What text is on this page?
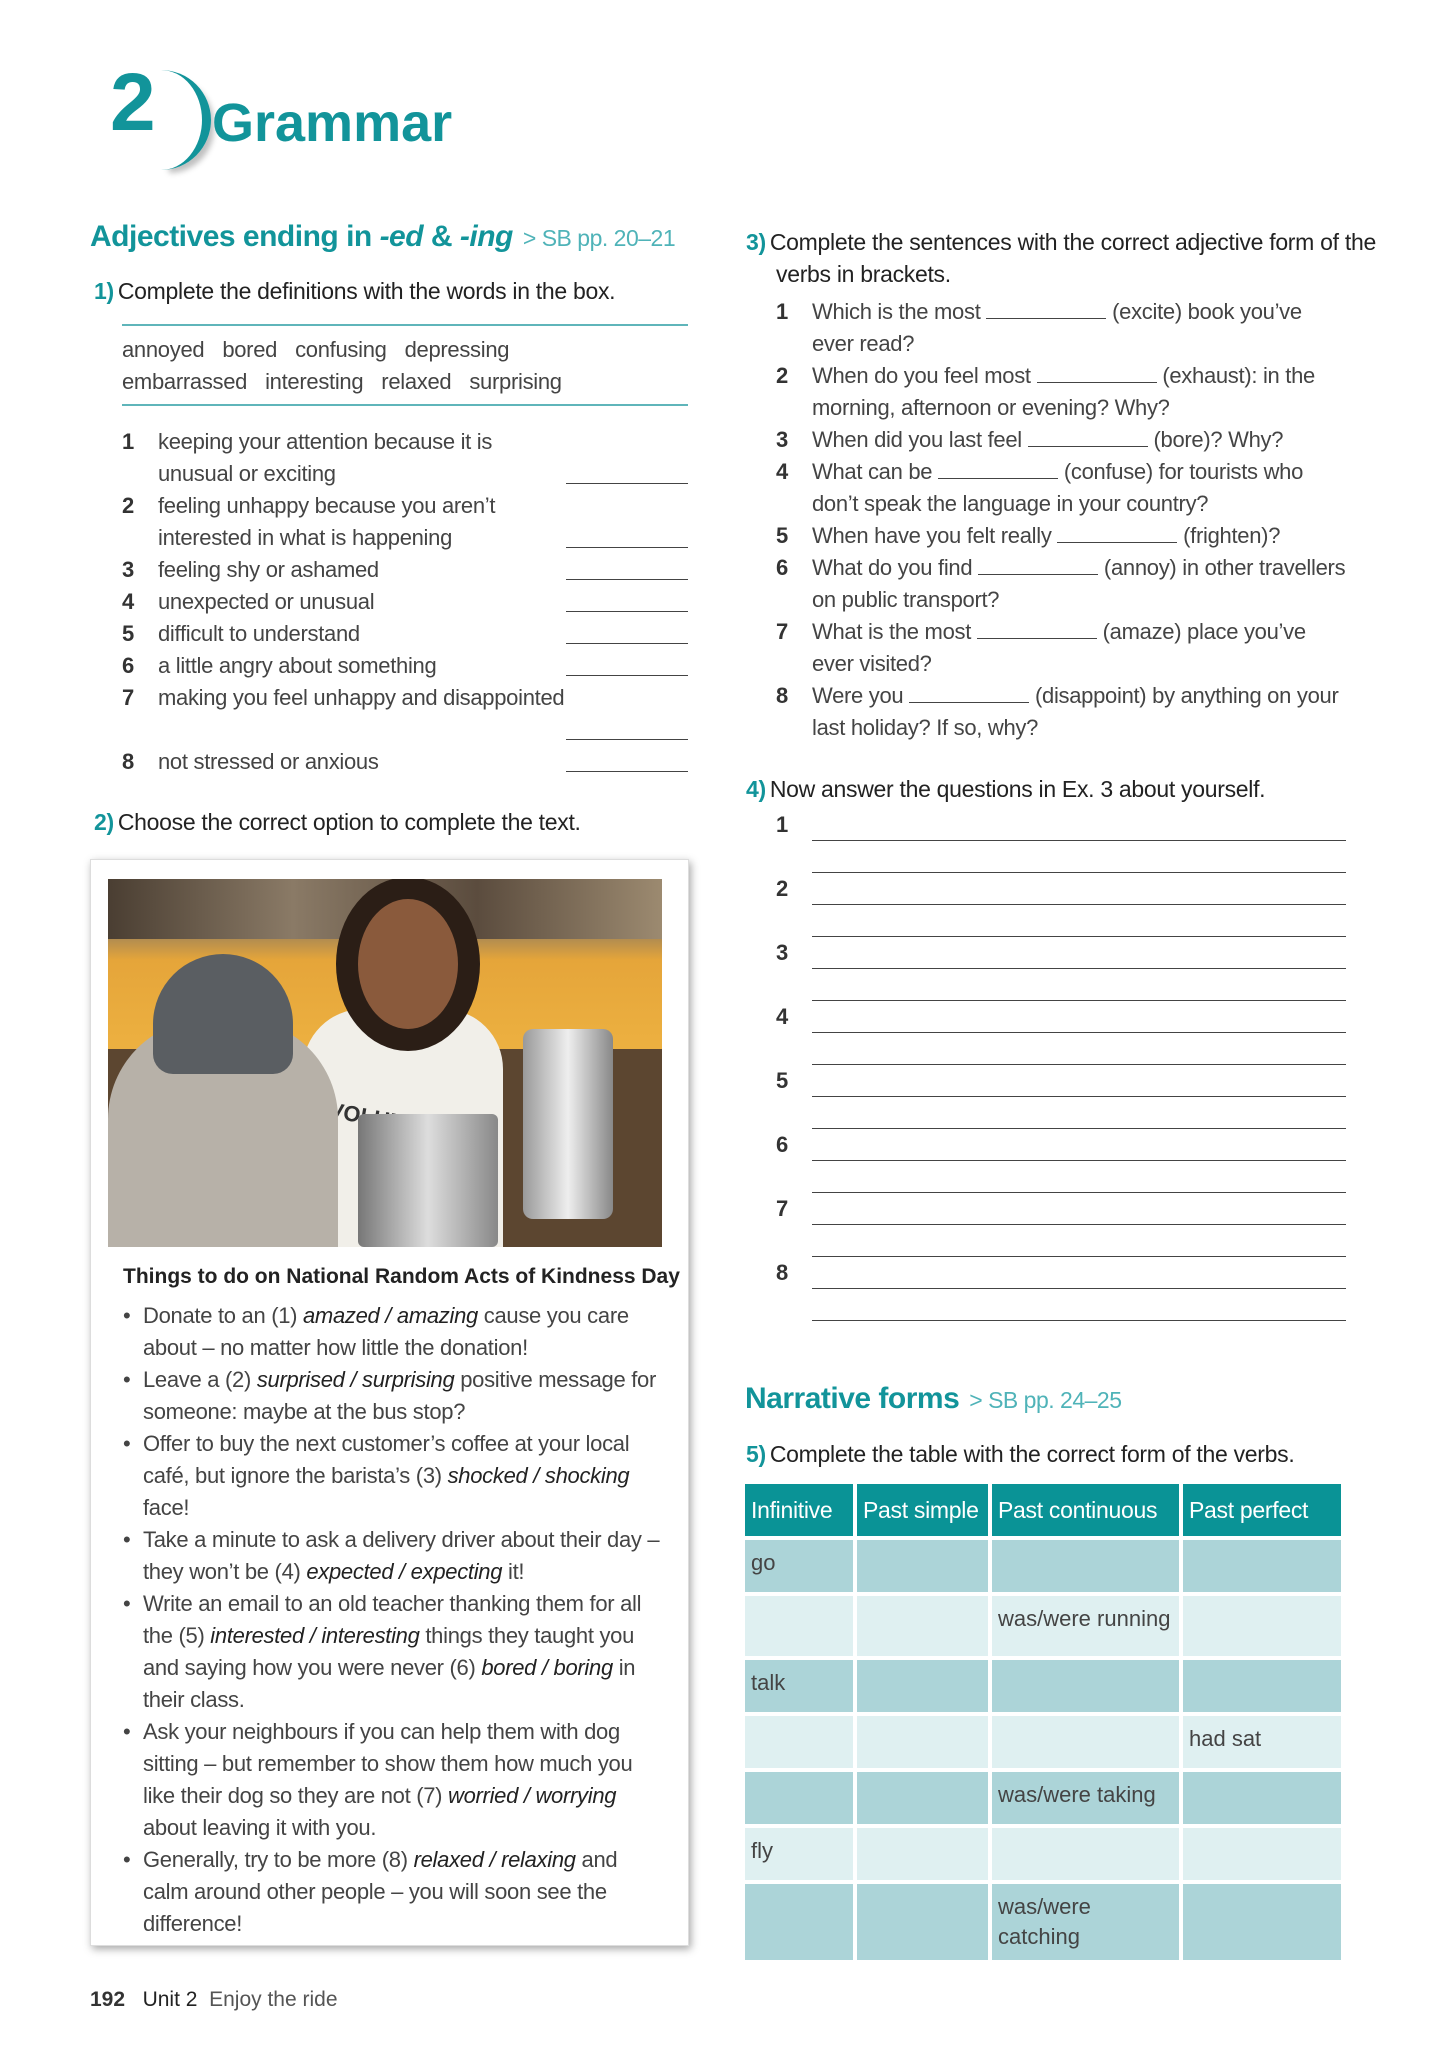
2 Grammar
Adjectives ending in -ed & -ing > SB pp. 20–21
1) Complete the definitions with the words in the box.
annoyed bored confusing depressing
embarrassed interesting relaxed surprising
1 keeping your attention because it is unusual or exciting
2 feeling unhappy because you aren’t interested in what is happening
3 feeling shy or ashamed
4 unexpected or unusual
5 difficult to understand
6 a little angry about something
7 making you feel unhappy and disappointed
8 not stressed or anxious
2) Choose the correct option to complete the text.
Things to do on National Random Acts of Kindness Day
• Donate to an (1) amazed / amazing cause you care about – no matter how little the donation!
• Leave a (2) surprised / surprising positive message for someone: maybe at the bus stop?
• Offer to buy the next customer’s coffee at your local café, but ignore the barista’s (3) shocked / shocking face!
• Take a minute to ask a delivery driver about their day – they won’t be (4) expected / expecting it!
• Write an email to an old teacher thanking them for all the (5) interested / interesting things they taught you and saying how you were never (6) bored / boring in their class.
• Ask your neighbours if you can help them with dog sitting – but remember to show them how much you like their dog so they are not (7) worried / worrying about leaving it with you.
• Generally, try to be more (8) relaxed / relaxing and calm around other people – you will soon see the difference!
3) Complete the sentences with the correct adjective form of the verbs in brackets.
1 Which is the most	(excite) book you’ve ever read?
2 When do you feel most	(exhaust): in the morning, afternoon or evening? Why?
3 When did you last feel	(bore)? Why?
4 What can be	(confuse) for tourists who don’t speak the language in your country?
5 When have you felt really	(frighten)?
6 What do you find	(annoy) in other travellers on public transport?
7 What is the most	(amaze) place you’ve ever visited?
8 Were you	(disappoint) by anything on your last holiday? If so, why?
4) Now answer the questions in Ex. 3 about yourself.
1
2
3
4
5
6
7
8
Narrative forms > SB pp. 24–25
5) Complete the table with the correct form of the verbs.
Infinitive	Past simple	Past continuous	Past perfect
go			
		was/were running	
talk			
			had sat
		was/were taking	
fly			
		was/were catching	
192 Unit 2 Enjoy the ride
